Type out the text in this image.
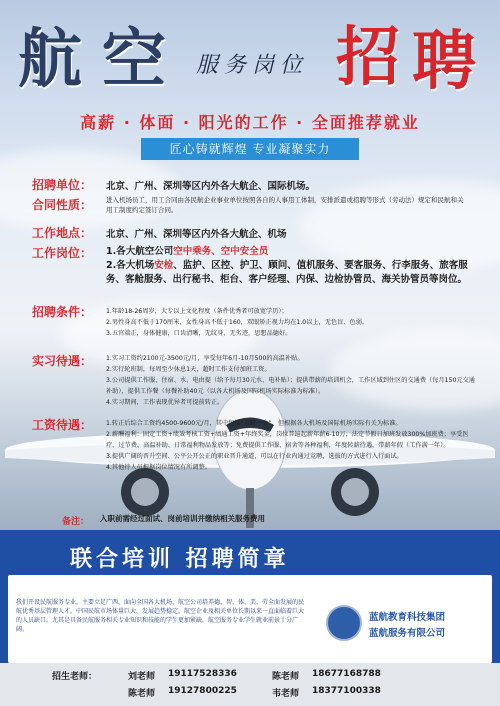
航 空 服务岗位 招 聘
高薪 · 体面 · 阳光的工作 · 全面推荐就业
匠心铸就辉煌 专业凝聚实力
招聘单位： 北京、广州、深圳等区内外各大航企、国际机场。
合同性质： 进入机场员工，用工合同由各民航企业事业单位按照各自的人事用工体制，安排派遣或招聘等形式（劳动法）规定和民航和关用工制度约定签订合同。
工作地点： 北京、广州、深圳等区内外各大航企、机场
工作岗位： 1.各大航空公司空中乘务、空中安全员
2.各大机场安检、监护、区控、护卫、顾问、值机服务、要客服务、行李服务、旅客服务、客舱服务、出行秘书、柜台、客户经理、内保、边检协管员、海关协管员等岗位。
招聘条件： 1.年龄18-26周岁，大专以上文化程度（条件优秀者可放宽学历）；
2.男性身高不低于170厘米，女性身高不低于160，双眼矫正视力均在1.0以上，无色盲、色弱。
3.五官端正，身体健康，口齿清晰，无纹身，无劣迹，思想品德好。
实习待遇： 1.实习工资约2100元-3500元/月，享受每年6月-10月500的高温补贴。
2.实行轮班制，每周至少休息1天，超时工作支付加班工资。
3.公司提供工作服、住宿、水、电由提（给予每月30元水、电补贴）；提供带薪的培训机会，工作区域到住区的交通费（每月150元交通补助），提供工作餐（每餐补助40元（以各大机场及国际机场实际标准为标准）。
4.实习期间，工作表现优异者可提前转正。
工资待遇： 1.转正后综合工资约4500-9600元/月，其中包括“五险一金”，但根据各大机场及国际机场实际有关为标准。
2.薪酬福利：固定工资+绩效考核工资+绩通工资+年终奖金，岗位普遍起薪年薪6-10万，法定节假日加班发放300%加班费；享受医疗、过节费、高温补助、日常福利物品发放等；免费提供工作服、宿舍等各种福利，年度转薪待遇，带薪年假（工作满一年）。
3.提供广阔的晋升空间、公平公开公正的职业晋升通道，可以在行业内通过竞聘、选拔的方式进行入行面试。
4.其他待人员根据岗位情况有所调整。
备注： 入职前需经过面试、岗前培训并缴纳相关服务费用
联合培训 招聘简章
我们开设民航服务专业，主要立足广西，面向全国各大机场、航空公司培养德、智、体、美、劳全面发展的民航优秀基层管理人才。中国民航市场体量巨大，发展趋势稳定，航空企业及相关单位长期以来一直面临着巨大的人员缺口，尤其是具备民航服务相关专业知识和技能的学生更加紧缺，航空服务专业学生就业前景十分广阔。
蓝航教育科技集团
蓝航服务有限公司
招生老师：	刘老师 19117528336	陈老师 18677168788
陈老师 19127800225	韦老师 18377100338
